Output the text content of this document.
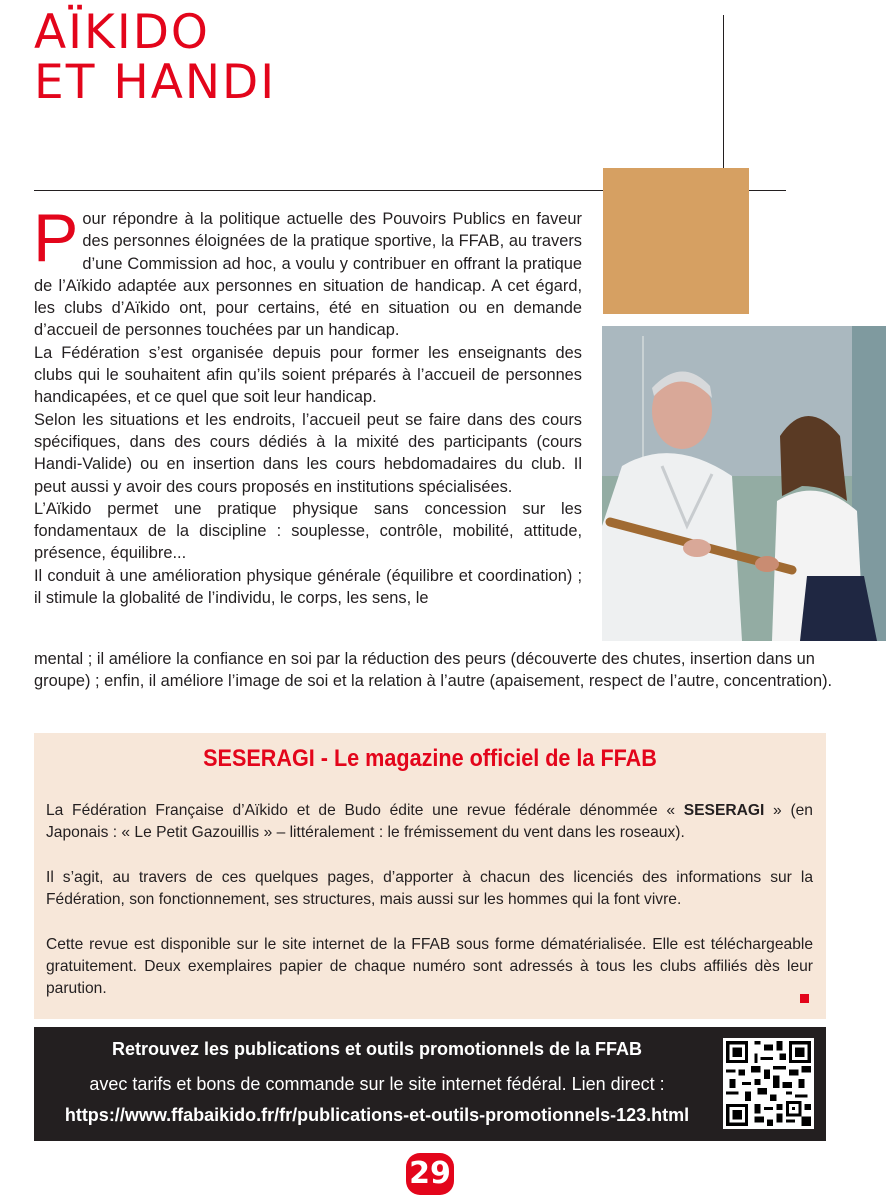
AÏKIDO
ET HANDI
P our répondre à la politique actuelle des Pouvoirs Publics en faveur des personnes éloignées de la pratique sportive, la FFAB, au travers d’une Commission ad hoc, a voulu y contribuer en offrant la pratique de l’Aïkido adaptée aux personnes en situation de handicap. A cet égard, les clubs d’Aïkido ont, pour certains, été en situation ou en demande d’accueil de personnes touchées par un handicap.

La Fédération s’est organisée depuis pour former les enseignants des clubs qui le souhaitent afin qu’ils soient préparés à l’accueil de personnes handicapées, et ce quel que soit leur handicap.

Selon les situations et les endroits, l’accueil peut se faire dans des cours spécifiques, dans des cours dédiés à la mixité des participants (cours Handi-Valide) ou en insertion dans les cours hebdomadaires du club. Il peut aussi y avoir des cours proposés en institutions spécialisées.

L’Aïkido permet une pratique physique sans concession sur les fondamentaux de la discipline : souplesse, contrôle, mobilité, attitude, présence, équilibre...

Il conduit à une amélioration physique générale (équilibre et coordination) ; il stimule la globalité de l’individu, le corps, les sens, le

mental ; il améliore la confiance en soi par la réduction des peurs (découverte des chutes, insertion dans un groupe) ; enfin, il améliore l’image de soi et la relation à l’autre (apaisement, respect de l’autre, concentration).

SESERAGI - Le magazine officiel de la FFAB

La Fédération Française d’Aïkido et de Budo édite une revue fédérale dénommée « SESERAGI » (en Japonais : « Le Petit Gazouillis » – littéralement : le frémissement du vent dans les roseaux).

Il s’agit, au travers de ces quelques pages, d’apporter à chacun des licenciés des informations sur la Fédération, son fonctionnement, ses structures, mais aussi sur les hommes qui la font vivre.

Cette revue est disponible sur le site internet de la FFAB sous forme dématérialisée. Elle est téléchargeable gratuitement. Deux exemplaires papier de chaque numéro sont adressés à tous les clubs affiliés dès leur parution.

Retrouvez les publications et outils promotionnels de la FFAB

avec tarifs et bons de commande sur le site internet fédéral. Lien direct :

https://www.ffabaikido.fr/fr/publications-et-outils-promotionnels-123.html

29
